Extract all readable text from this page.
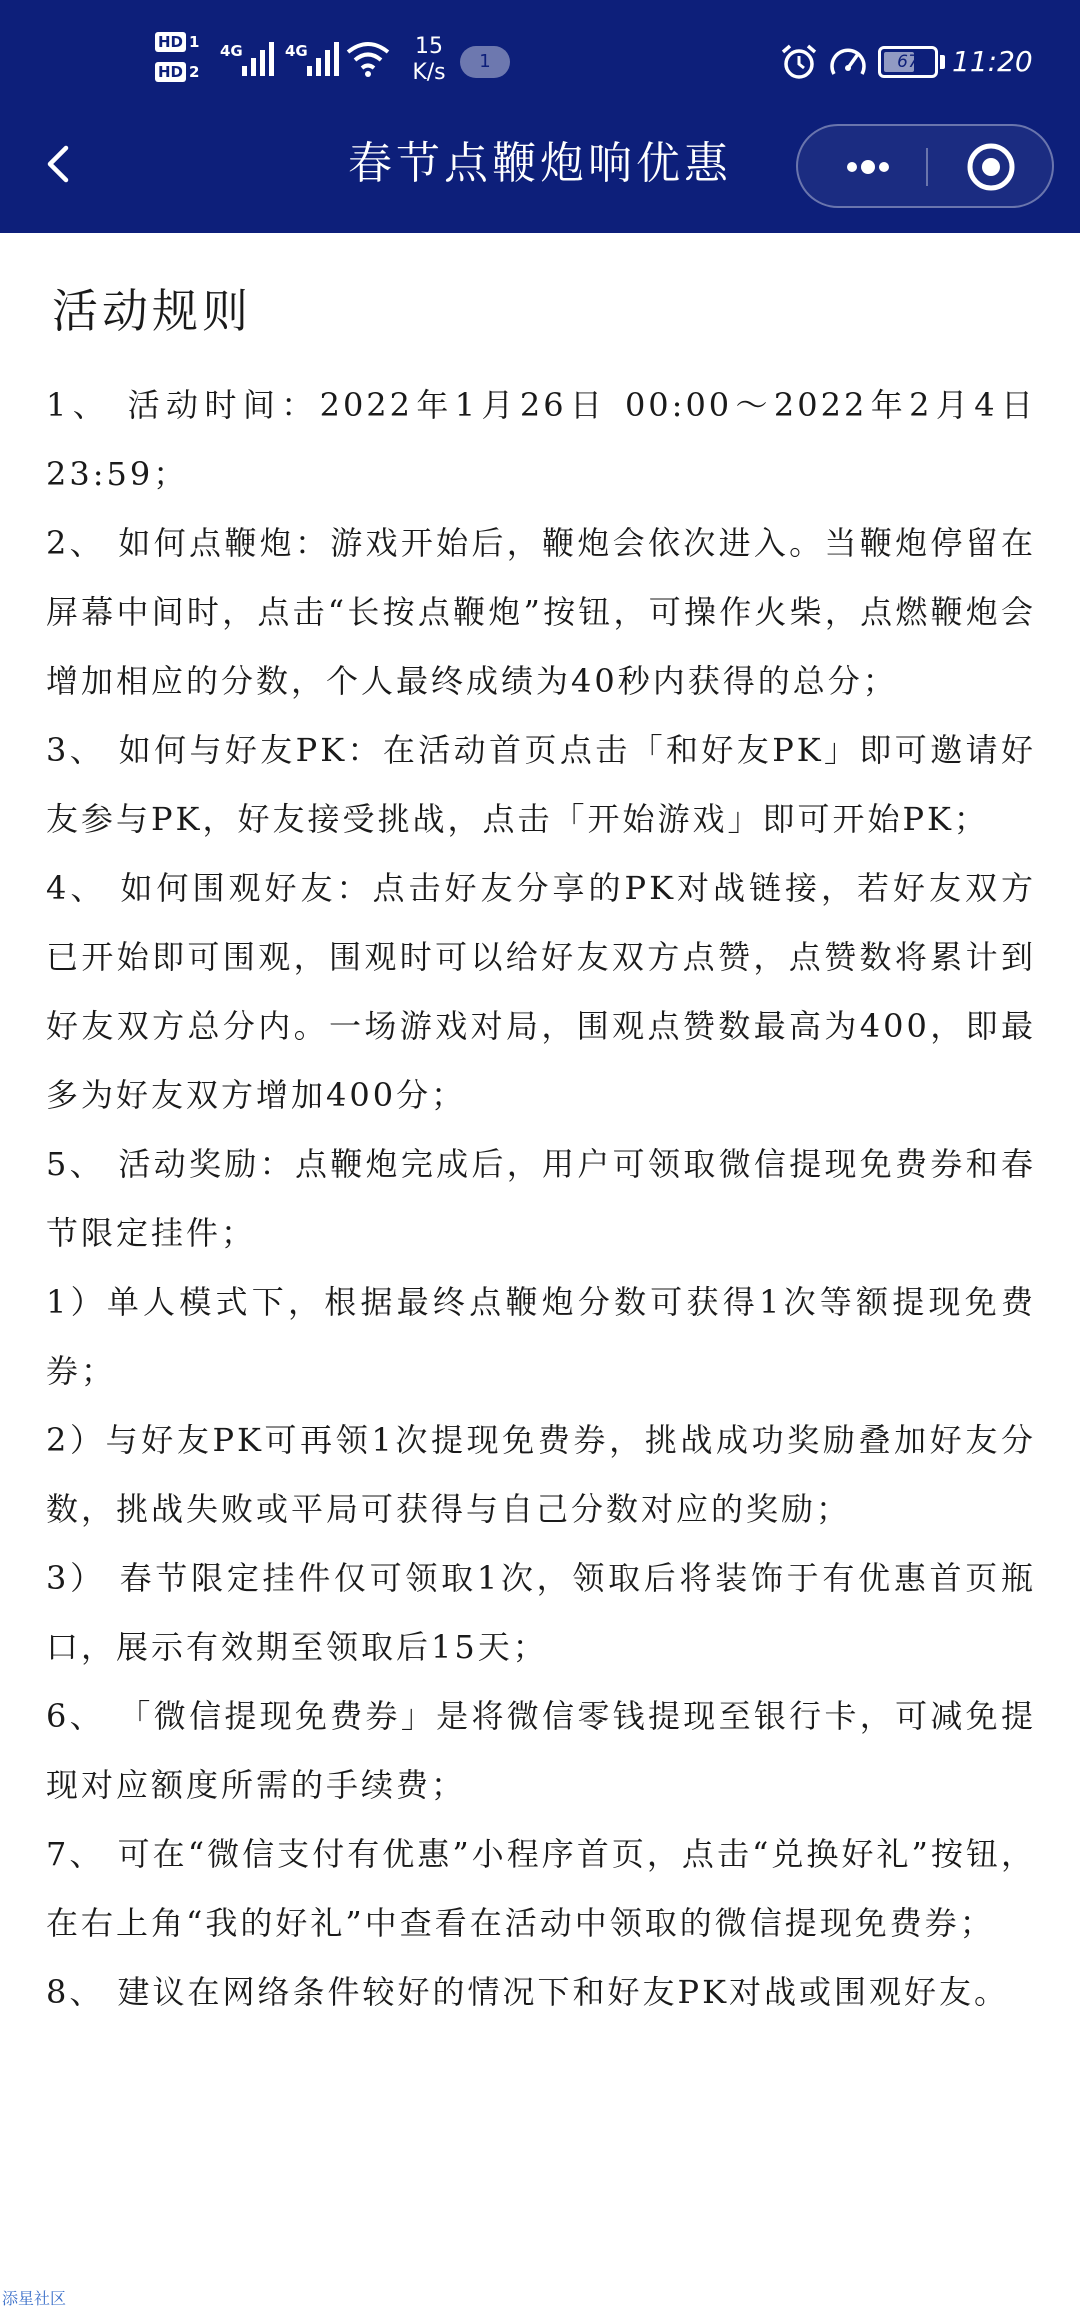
HD 1
HD 2
4G	4G	15
K/s	1	67	11:20
春节点鞭炮响优惠
活动规则

1、 活动时间：2022年1月26日 00:00～2022年2月4日 23:59；

2、 如何点鞭炮：游戏开始后，鞭炮会依次进入。当鞭炮停留在屏幕中间时，点击“长按点鞭炮”按钮，可操作火柴，点燃鞭炮会增加相应的分数，个人最终成绩为40秒内获得的总分；

3、 如何与好友PK：在活动首页点击「和好友PK」即可邀请好友参与PK，好友接受挑战，点击「开始游戏」即可开始PK；

4、 如何围观好友：点击好友分享的PK对战链接，若好友双方已开始即可围观，围观时可以给好友双方点赞，点赞数将累计到好友双方总分内。一场游戏对局，围观点赞数最高为400，即最多为好友双方增加400分；

5、 活动奖励：点鞭炮完成后，用户可领取微信提现免费券和春节限定挂件；

1）单人模式下，根据最终点鞭炮分数可获得1次等额提现免费券；

2）与好友PK可再领1次提现免费券，挑战成功奖励叠加好友分数，挑战失败或平局可获得与自己分数对应的奖励；

3） 春节限定挂件仅可领取1次，领取后将装饰于有优惠首页瓶口，展示有效期至领取后15天；

6、 「微信提现免费券」是将微信零钱提现至银行卡，可减免提现对应额度所需的手续费；

7、 可在“微信支付有优惠”小程序首页，点击“兑换好礼”按钮，在右上角“我的好礼”中查看在活动中领取的微信提现免费券；

8、 建议在网络条件较好的情况下和好友PK对战或围观好友。

添星社区
